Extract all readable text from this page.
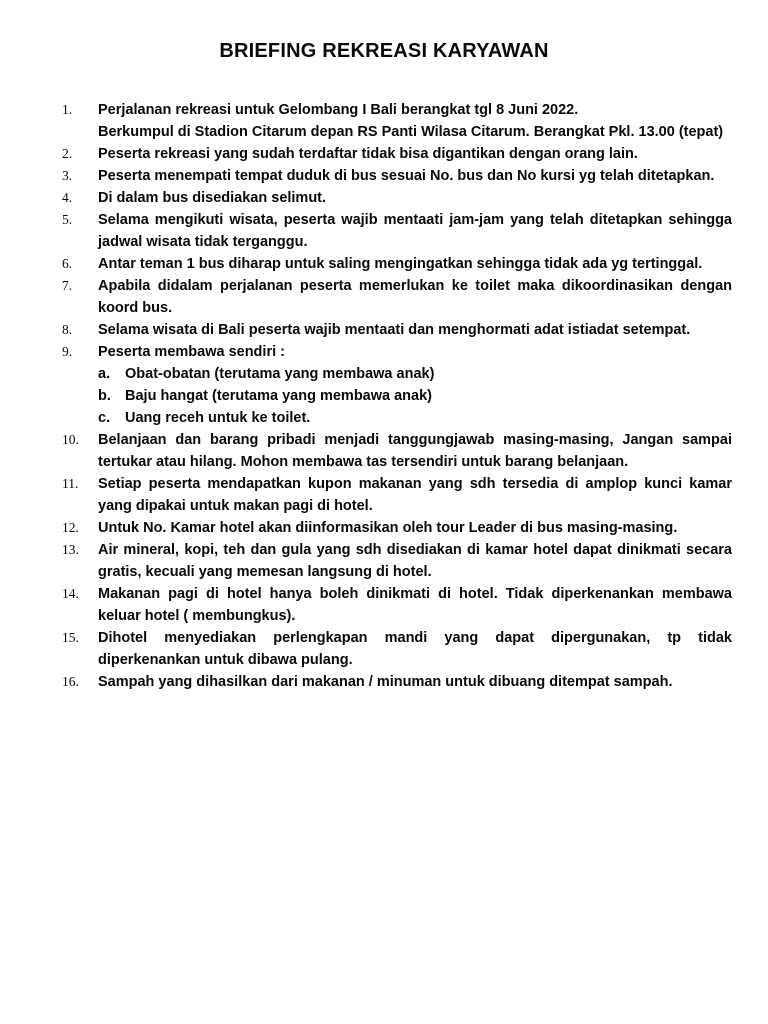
BRIEFING REKREASI KARYAWAN
1.	Perjalanan rekreasi untuk Gelombang I Bali berangkat tgl 8 Juni 2022.
Berkumpul di Stadion Citarum depan RS Panti Wilasa Citarum. Berangkat Pkl. 13.00 (tepat)
2.	Peserta rekreasi yang sudah terdaftar tidak bisa digantikan dengan orang lain.
3.	Peserta menempati tempat duduk di bus sesuai No. bus dan No kursi yg telah ditetapkan.
4.	Di dalam bus disediakan selimut.
5.	Selama mengikuti wisata, peserta wajib mentaati jam-jam yang telah ditetapkan sehingga jadwal wisata tidak terganggu.
6.	Antar teman 1 bus diharap untuk saling mengingatkan sehingga tidak ada yg tertinggal.
7.	Apabila didalam perjalanan peserta memerlukan ke toilet maka dikoordinasikan dengan koord bus.
8.	Selama wisata di Bali peserta wajib mentaati dan menghormati adat istiadat setempat.
9.	Peserta membawa sendiri :
a.	Obat-obatan (terutama yang membawa anak)
b. Baju hangat (terutama yang membawa anak)
c.	Uang receh untuk ke toilet.
10.	Belanjaan dan barang pribadi menjadi tanggungjawab masing-masing, Jangan sampai tertukar atau hilang. Mohon membawa tas tersendiri untuk barang belanjaan.
11.	Setiap peserta mendapatkan kupon makanan yang sdh tersedia di amplop kunci kamar yang dipakai untuk makan pagi di hotel.
12.	Untuk No. Kamar hotel akan diinformasikan oleh tour Leader di bus masing-masing.
13.	Air mineral, kopi, teh dan gula yang sdh disediakan di kamar hotel dapat dinikmati secara gratis, kecuali yang memesan langsung di hotel.
14.	Makanan pagi di hotel hanya boleh dinikmati di hotel. Tidak diperkenankan membawa keluar hotel ( membungkus).
15.	Dihotel menyediakan perlengkapan mandi yang dapat dipergunakan, tp tidak diperkenankan untuk dibawa pulang.
16.	Sampah yang dihasilkan dari makanan / minuman untuk dibuang ditempat sampah.
